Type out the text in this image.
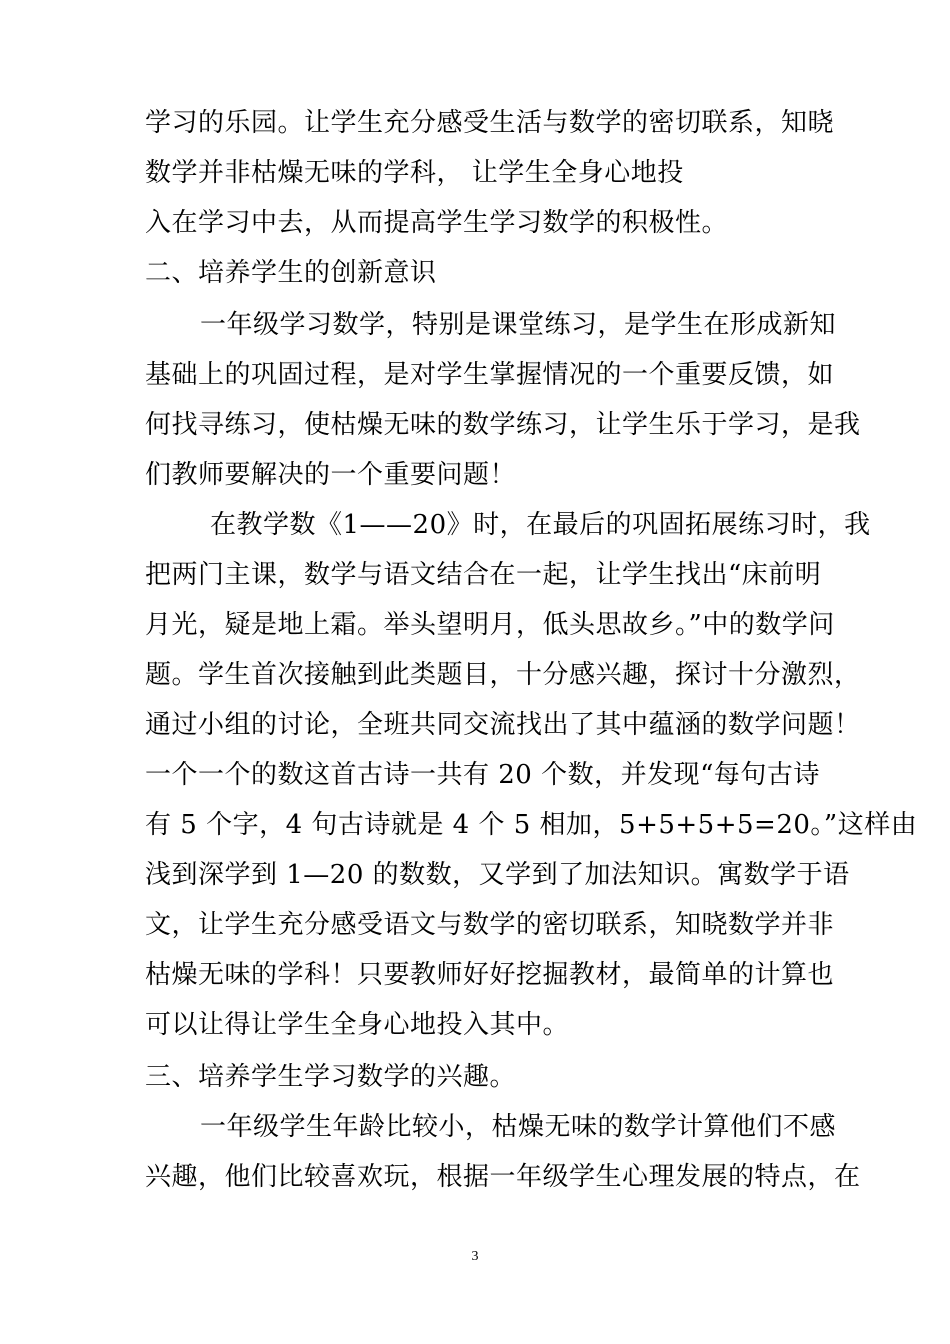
学习的乐园。让学生充分感受生活与数学的密切联系，知晓
数学并非枯燥无味的学科， 让学生全身心地投
入在学习中去，从而提高学生学习数学的积极性。
二、培养学生的创新意识
一年级学习数学，特别是课堂练习，是学生在形成新知
基础上的巩固过程，是对学生掌握情况的一个重要反馈，如
何找寻练习，使枯燥无味的数学练习，让学生乐于学习，是我
们教师要解决的一个重要问题！
在教学数《1——20》时，在最后的巩固拓展练习时，我
把两门主课，数学与语文结合在一起，让学生找出“床前明
月光，疑是地上霜。举头望明月，低头思故乡。”中的数学问
题。学生首次接触到此类题目，十分感兴趣，探讨十分激烈，
通过小组的讨论，全班共同交流找出了其中蕴涵的数学问题！
一个一个的数这首古诗一共有 20 个数，并发现“每句古诗
有 5 个字，4 句古诗就是 4 个 5 相加，5+5+5+5=20。”这样由
浅到深学到 1—20 的数数，又学到了加法知识。寓数学于语
文，让学生充分感受语文与数学的密切联系，知晓数学并非
枯燥无味的学科！只要教师好好挖掘教材，最简单的计算也
可以让得让学生全身心地投入其中。
三、培养学生学习数学的兴趣。
一年级学生年龄比较小，枯燥无味的数学计算他们不感
兴趣，他们比较喜欢玩，根据一年级学生心理发展的特点，在
3
